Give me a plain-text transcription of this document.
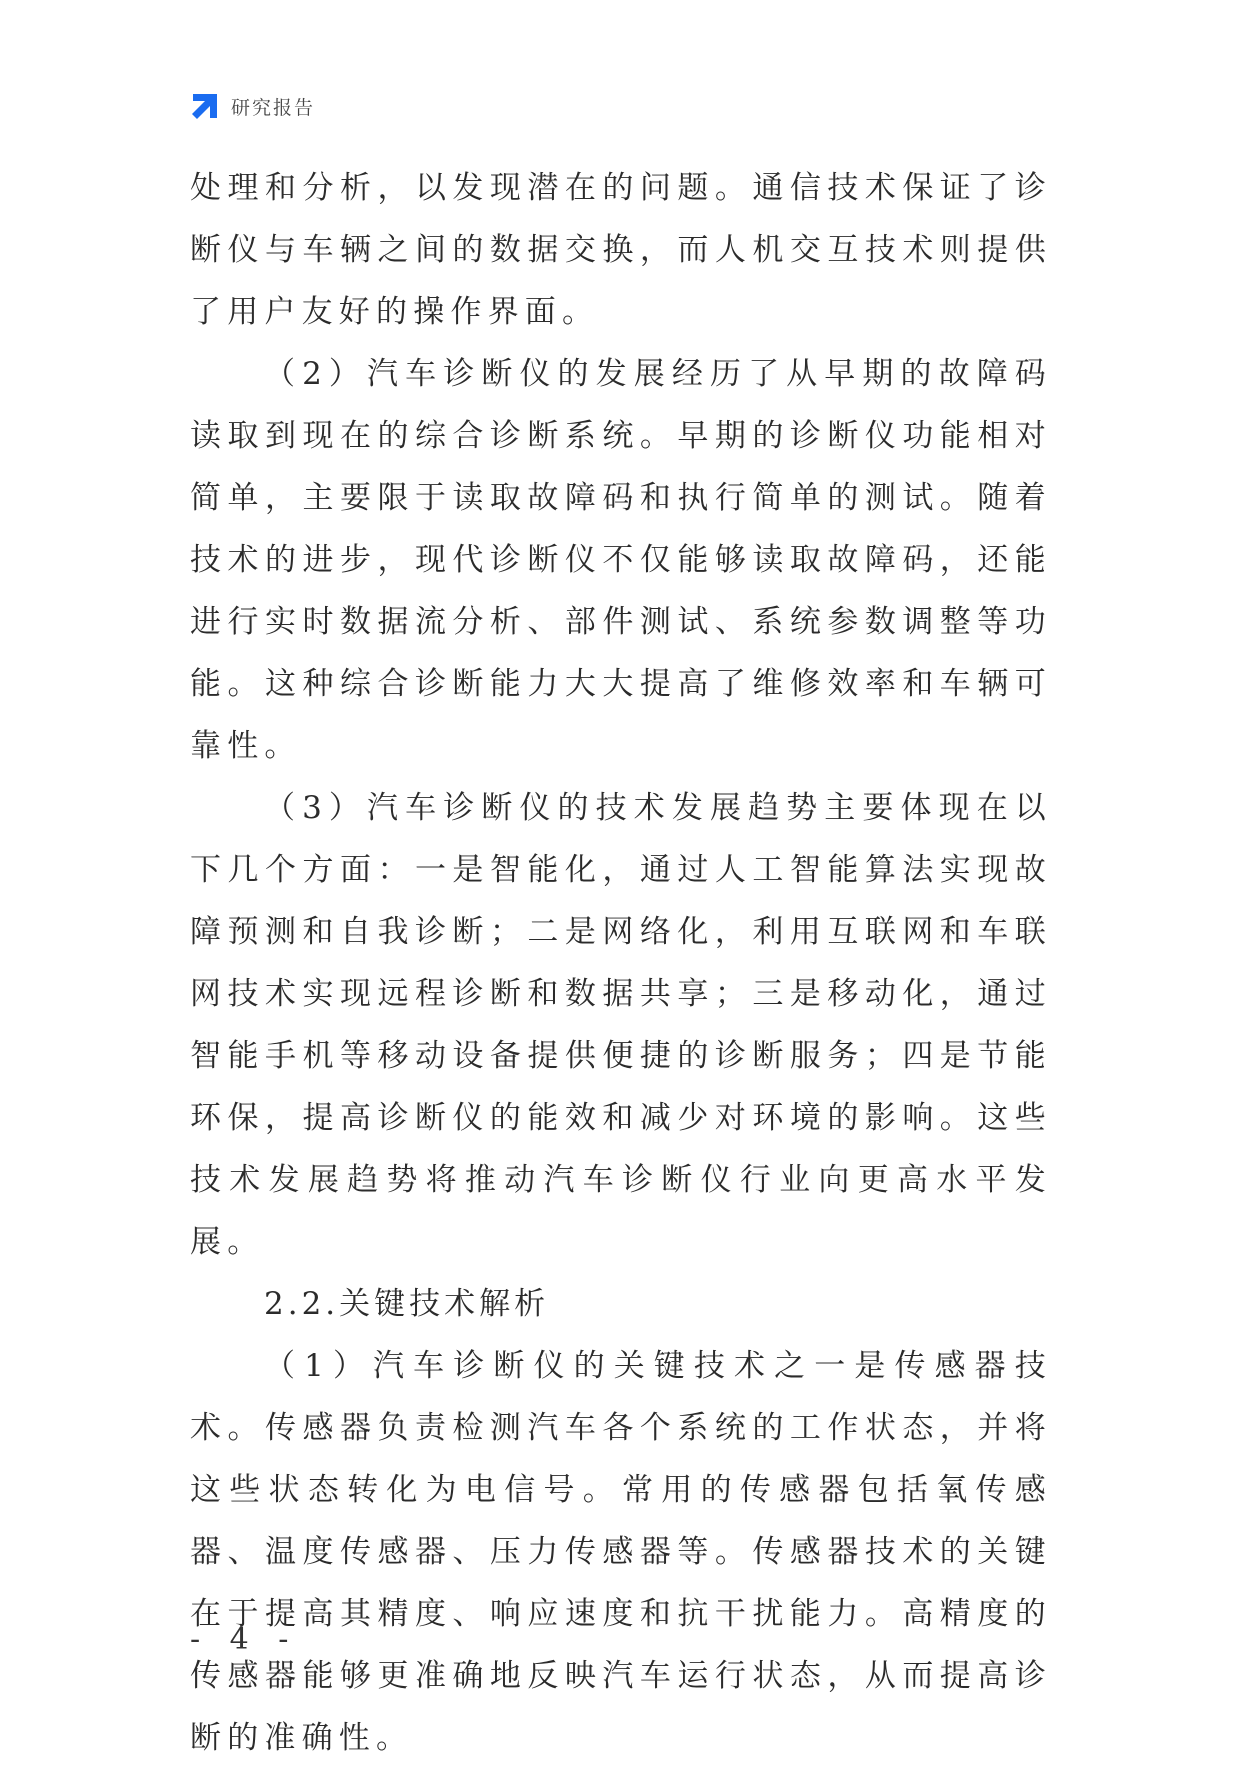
研究报告

处理和分析，以发现潜在的问题。通信技术保证了诊断仪与车辆之间的数据交换，而人机交互技术则提供了用户友好的操作界面。

（2）汽车诊断仪的发展经历了从早期的故障码读取到现在的综合诊断系统。早期的诊断仪功能相对简单，主要限于读取故障码和执行简单的测试。随着技术的进步，现代诊断仪不仅能够读取故障码，还能进行实时数据流分析、部件测试、系统参数调整等功能。这种综合诊断能力大大提高了维修效率和车辆可靠性。

（3）汽车诊断仪的技术发展趋势主要体现在以下几个方面：一是智能化，通过人工智能算法实现故障预测和自我诊断；二是网络化，利用互联网和车联网技术实现远程诊断和数据共享；三是移动化，通过智能手机等移动设备提供便捷的诊断服务；四是节能环保，提高诊断仪的能效和减少对环境的影响。这些技术发展趋势将推动汽车诊断仪行业向更高水平发展。

2.2.关键技术解析

（1）汽车诊断仪的关键技术之一是传感器技术。传感器负责检测汽车各个系统的工作状态，并将这些状态转化为电信号。常用的传感器包括氧传感器、温度传感器、压力传感器等。传感器技术的关键在于提高其精度、响应速度和抗干扰能力。高精度的传感器能够更准确地反映汽车运行状态，从而提高诊断的准确性。

- 4 -
